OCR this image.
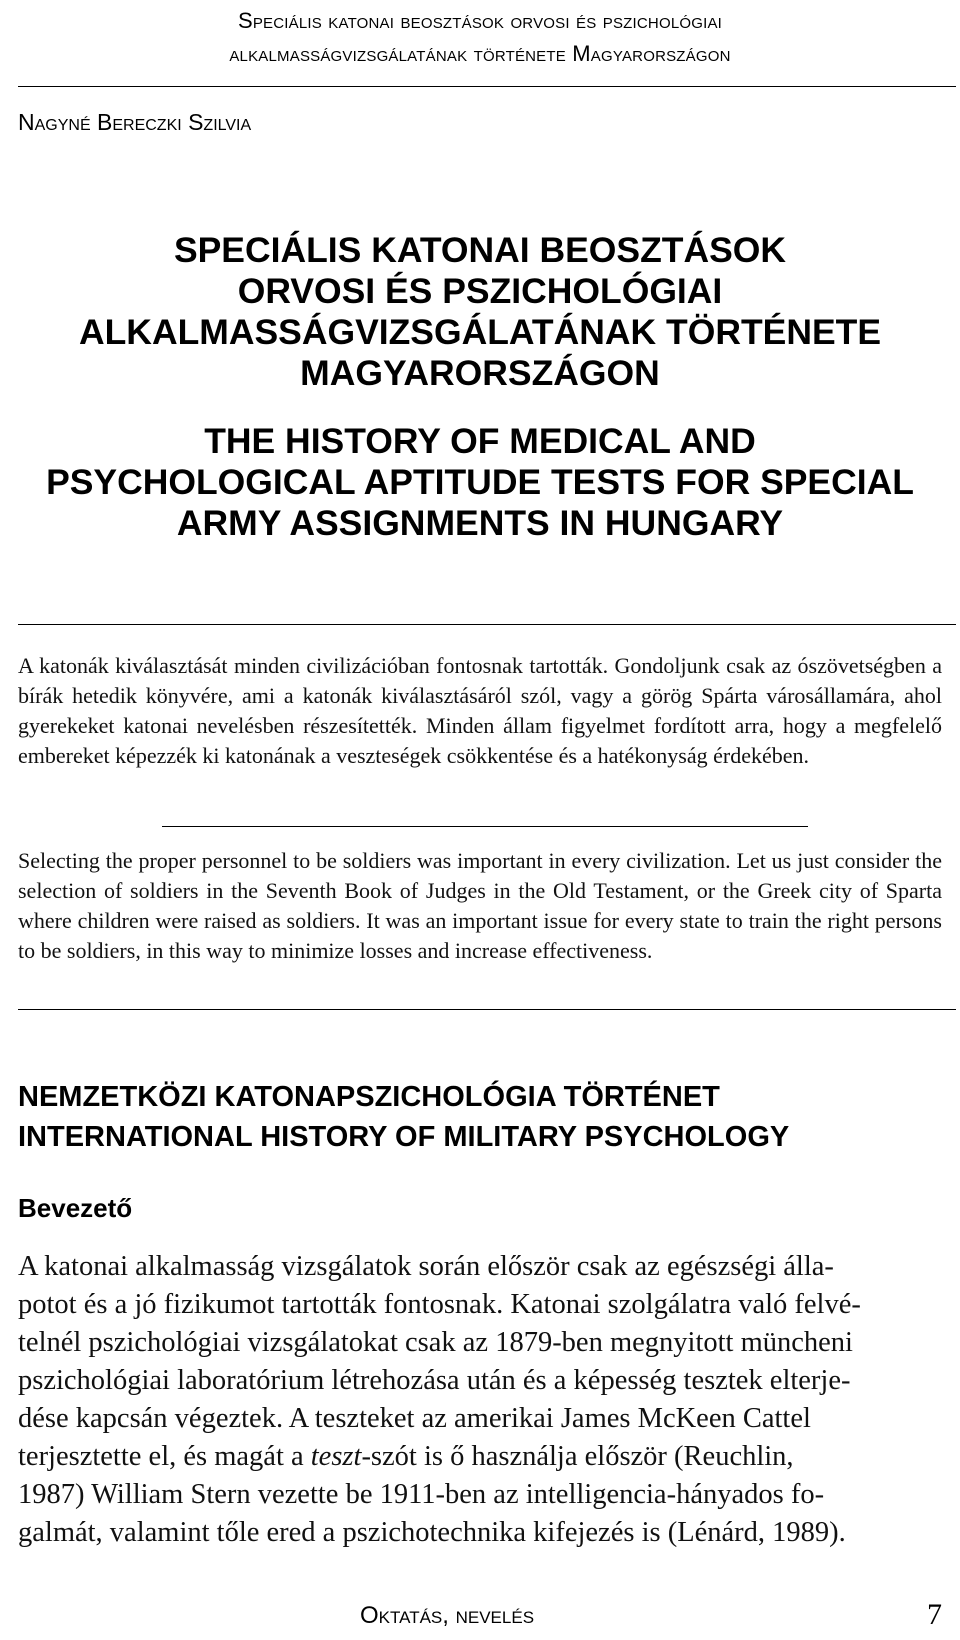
Speciális katonai beosztások orvosi és pszichológiai
alkalmasságvizsgálatának története Magyarországon
Nagyné Bereczki Szilvia
SPECIÁLIS KATONAI BEOSZTÁSOK
ORVOSI ÉS PSZICHOLÓGIAI
ALKALMASSÁGVIZSGÁLATÁNAK TÖRTÉNETE
MAGYARORSZÁGON
THE HISTORY OF MEDICAL AND
PSYCHOLOGICAL APTITUDE TESTS FOR SPECIAL
ARMY ASSIGNMENTS IN HUNGARY
A katonák kiválasztását minden civilizációban fontosnak tartották. Gondoljunk csak az ószövetségben a bírák hetedik könyvére, ami a katonák kiválasztásáról szól, vagy a görög Spárta városállamára, ahol gyerekeket katonai nevelésben részesítették. Minden állam figyelmet fordított arra, hogy a megfelelő embereket képezzék ki katonának a veszteségek csökkentése és a hatékonyság érdekében.
Selecting the proper personnel to be soldiers was important in every civilization. Let us just consider the selection of soldiers in the Seventh Book of Judges in the Old Testament, or the Greek city of Sparta where children were raised as soldiers. It was an important issue for every state to train the right persons to be soldiers, in this way to minimize losses and increase effectiveness.
NEMZETKÖZI KATONAPSZICHOLÓGIA TÖRTÉNET
INTERNATIONAL HISTORY OF MILITARY PSYCHOLOGY
Bevezető
A katonai alkalmasság vizsgálatok során először csak az egészségi álla-
potot és a jó fizikumot tartották fontosnak. Katonai szolgálatra való felvé-
telnél pszichológiai vizsgálatokat csak az 1879-ben megnyitott müncheni
pszichológiai laboratórium létrehozása után és a képesség tesztek elterje-
dése kapcsán végeztek. A teszteket az amerikai James McKeen Cattel
terjesztette el, és magát a teszt-szót is ő használja először (Reuchlin,
1987) William Stern vezette be 1911-ben az intelligencia-hányados fo-
galmát, valamint tőle ered a pszichotechnika kifejezés is (Lénárd, 1989).
Oktatás, nevelés	7
